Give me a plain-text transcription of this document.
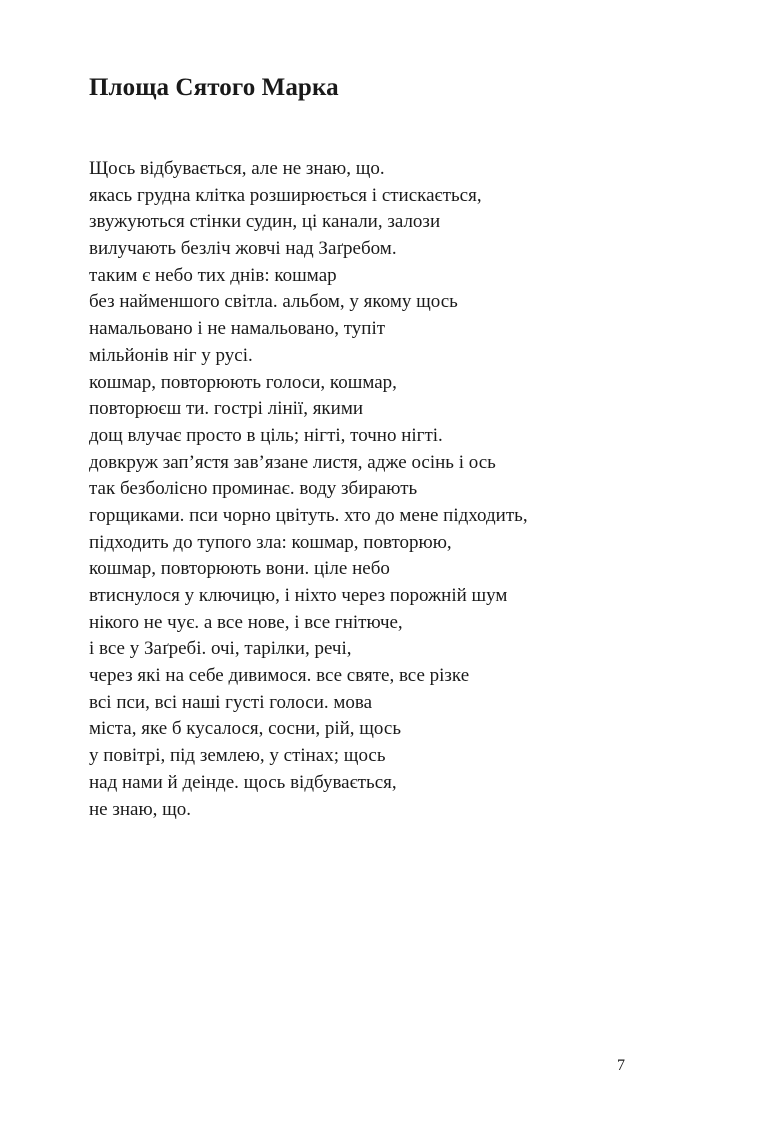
Площа Сятого Марка
Щось відбувається, але не знаю, що.
якась грудна клітка розширюється і стискається,
звужуються стінки судин, ці канали, залози
вилучають безліч жовчі над Заґребом.
таким є небо тих днів: кошмар
без найменшого світла. альбом, у якому щось
намальовано і не намальовано, тупіт
мільйонів ніг у русі.
кошмар, повторюють голоси, кошмар,
повторюєш ти. гострі лінії, якими
дощ влучає просто в ціль; нігті, точно нігті.
довкруж зап’ястя зав’язане листя, адже осінь і ось
так безболісно проминає. воду збирають
горщиками. пси чорно цвітуть. хто до мене підходить,
підходить до тупого зла: кошмар, повторюю,
кошмар, повторюють вони. ціле небо
втиснулося у ключицю, і ніхто через порожній шум
нікого не чує. а все нове, і все гнітюче,
і все у Заґребі. очі, тарілки, речі,
через які на себе дивимося. все святе, все різке
всі пси, всі наші густі голоси. мова
міста, яке б кусалося, сосни, рій, щось
у повітрі, під землею, у стінах; щось
над нами й деінде. щось відбувається,
не знаю, що.
7
